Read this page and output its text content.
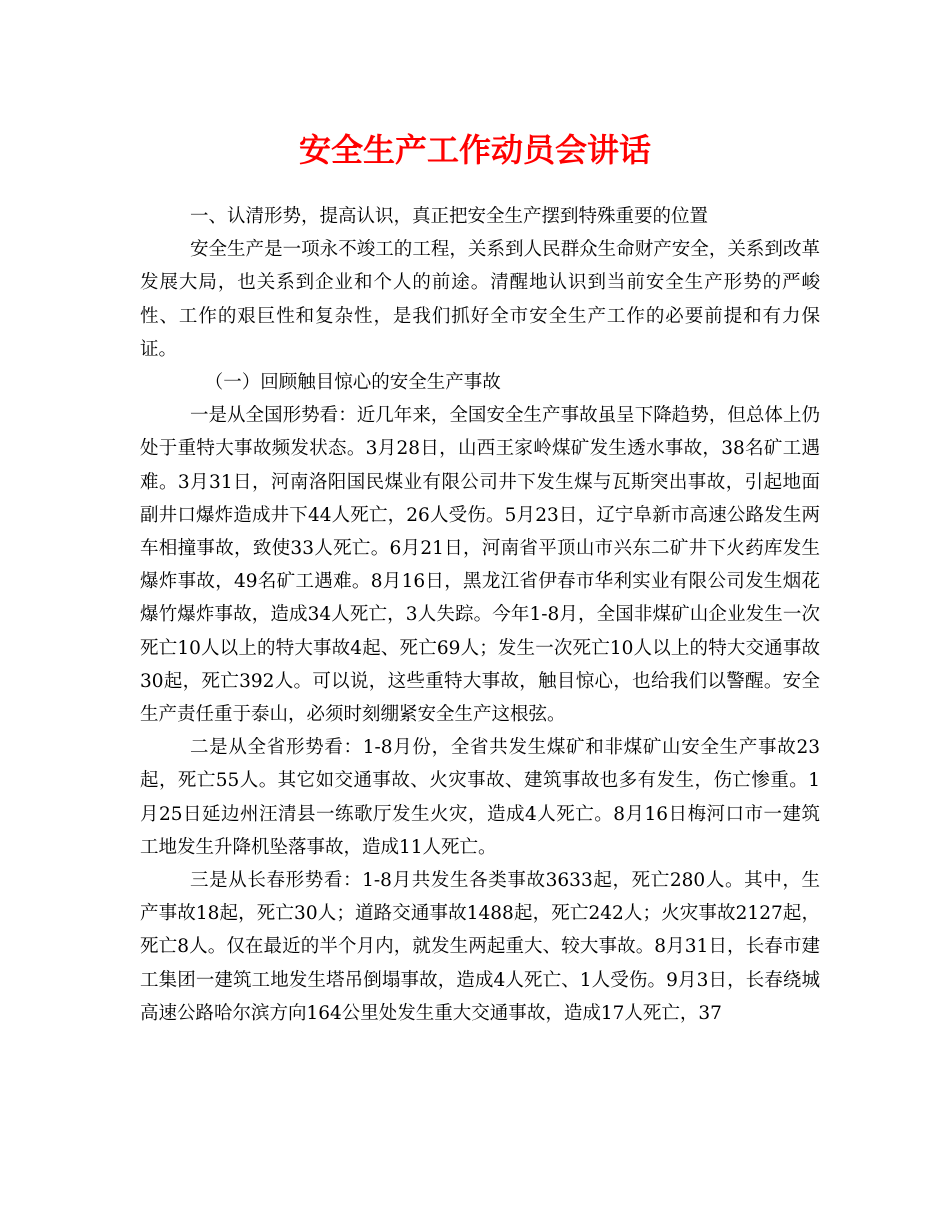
安全生产工作动员会讲话

一、认清形势，提高认识，真正把安全生产摆到特殊重要的位置

安全生产是一项永不竣工的工程，关系到人民群众生命财产安全，关系到改革发展大局，也关系到企业和个人的前途。清醒地认识到当前安全生产形势的严峻性、工作的艰巨性和复杂性，是我们抓好全市安全生产工作的必要前提和有力保证。

（一）回顾触目惊心的安全生产事故

一是从全国形势看：近几年来，全国安全生产事故虽呈下降趋势，但总体上仍处于重特大事故频发状态。3月28日，山西王家岭煤矿发生透水事故，38名矿工遇难。3月31日，河南洛阳国民煤业有限公司井下发生煤与瓦斯突出事故，引起地面副井口爆炸造成井下44人死亡，26人受伤。5月23日，辽宁阜新市高速公路发生两车相撞事故，致使33人死亡。6月21日，河南省平顶山市兴东二矿井下火药库发生爆炸事故，49名矿工遇难。8月16日，黑龙江省伊春市华利实业有限公司发生烟花爆竹爆炸事故，造成34人死亡，3人失踪。今年1-8月，全国非煤矿山企业发生一次死亡10人以上的特大事故4起、死亡69人；发生一次死亡10人以上的特大交通事故30起，死亡392人。可以说，这些重特大事故，触目惊心，也给我们以警醒。安全生产责任重于泰山，必须时刻绷紧安全生产这根弦。

二是从全省形势看：1-8月份，全省共发生煤矿和非煤矿山安全生产事故23起，死亡55人。其它如交通事故、火灾事故、建筑事故也多有发生，伤亡惨重。1月25日延边州汪清县一练歌厅发生火灾，造成4人死亡。8月16日梅河口市一建筑工地发生升降机坠落事故，造成11人死亡。

三是从长春形势看：1-8月共发生各类事故3633起，死亡280人。其中，生产事故18起，死亡30人；道路交通事故1488起，死亡242人；火灾事故2127起，死亡8人。仅在最近的半个月内，就发生两起重大、较大事故。8月31日，长春市建工集团一建筑工地发生塔吊倒塌事故，造成4人死亡、1人受伤。9月3日，长春绕城高速公路哈尔滨方向164公里处发生重大交通事故，造成17人死亡，37
